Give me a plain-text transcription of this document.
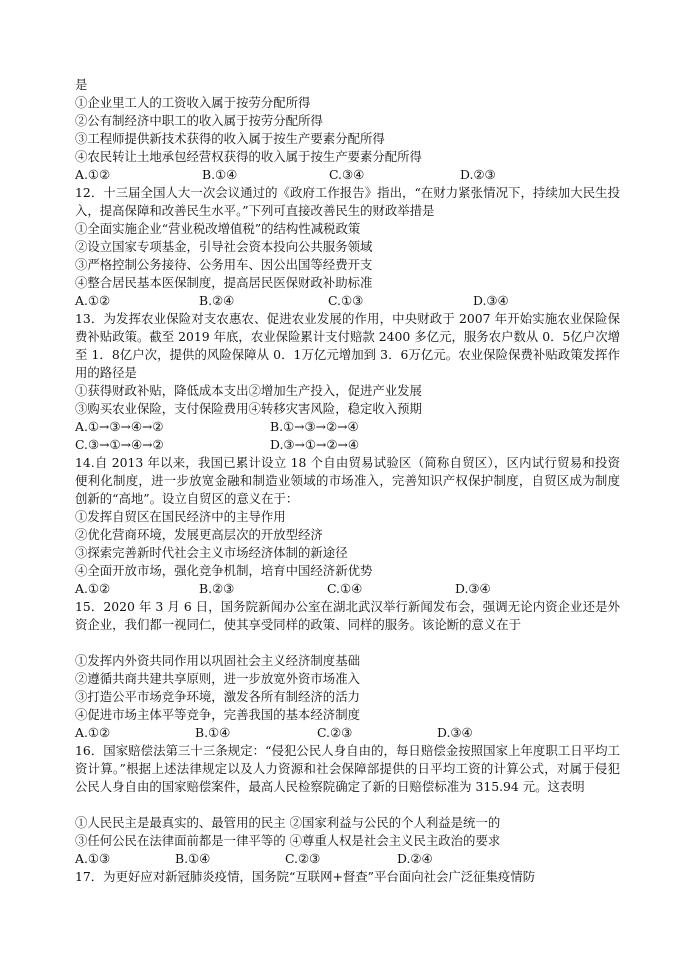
是
①企业里工人的工资收入属于按劳分配所得
②公有制经济中职工的收入属于按劳分配所得
③工程师提供新技术获得的收入属于按生产要素分配所得
④农民转让土地承包经营权获得的收入属于按生产要素分配所得
A.①②	B.①④	C.③④	D.②③
12．十三届全国人大一次会议通过的《政府工作报告》指出，“在财力紧张情况下，持续加大民生投入，提高保障和改善民生水平。”下列可直接改善民生的财政举措是
①全面实施企业“营业税改增值税”的结构性减税政策
②设立国家专项基金，引导社会资本投向公共服务领域
③严格控制公务接待、公务用车、因公出国等经费开支
④整合居民基本医保制度，提高居民医保财政补助标准
A.①②	B.②④	C.①③	D.③④
13．为发挥农业保险对支农惠农、促进农业发展的作用，中央财政于 2007 年开始实施农业保险保费补贴政策。截至 2019 年底，农业保险累计支付赔款 2400 多亿元，服务农户数从 0．5亿户次增至 1．8亿户次，提供的风险保障从 0．1万亿元增加到 3．6万亿元。农业保险保费补贴政策发挥作用的路径是
①获得财政补贴，降低成本支出②增加生产投入，促进产业发展
③购买农业保险，支付保险费用④转移灾害风险，稳定收入预期
A.①→③→④→②	B.①→③→②→④
C.③→①→④→②	D.③→①→②→④
14.自 2013 年以来，我国已累计设立 18 个自由贸易试验区（简称自贸区），区内试行贸易和投资便利化制度，进一步放宽金融和制造业领域的市场准入，完善知识产权保护制度，自贸区成为制度创新的“高地”。设立自贸区的意义在于：
①发挥自贸区在国民经济中的主导作用
②优化营商环境，发展更高层次的开放型经济
③探索完善新时代社会主义市场经济体制的新途径
④全面开放市场，强化竞争机制，培育中国经济新优势
A.①②	B.②③	C.①④	D.③④
15．2020 年 3 月 6 日，国务院新闻办公室在湖北武汉举行新闻发布会，强调无论内资企业还是外资企业，我们都一视同仁，使其享受同样的政策、同样的服务。该论断的意义在于
①发挥内外资共同作用以巩固社会主义经济制度基础
②遵循共商共建共享原则，进一步放宽外资市场准入
③打造公平市场竞争环境，激发各所有制经济的活力
④促进市场主体平等竞争，完善我国的基本经济制度
A.①②	B.①④	C.②③	D.③④
16．国家赔偿法第三十三条规定：“侵犯公民人身自由的，每日赔偿金按照国家上年度职工日平均工资计算。”根据上述法律规定以及人力资源和社会保障部提供的日平均工资的计算公式，对属于侵犯公民人身自由的国家赔偿案件，最高人民检察院确定了新的日赔偿标准为 315.94 元。这表明
①人民民主是最真实的、最管用的民主 ②国家利益与公民的个人利益是统一的
③任何公民在法律面前都是一律平等的 ④尊重人权是社会主义民主政治的要求
A.①③	B.①④	C.②③	D.②④
17．为更好应对新冠肺炎疫情，国务院“互联网+督查”平台面向社会广泛征集疫情防
